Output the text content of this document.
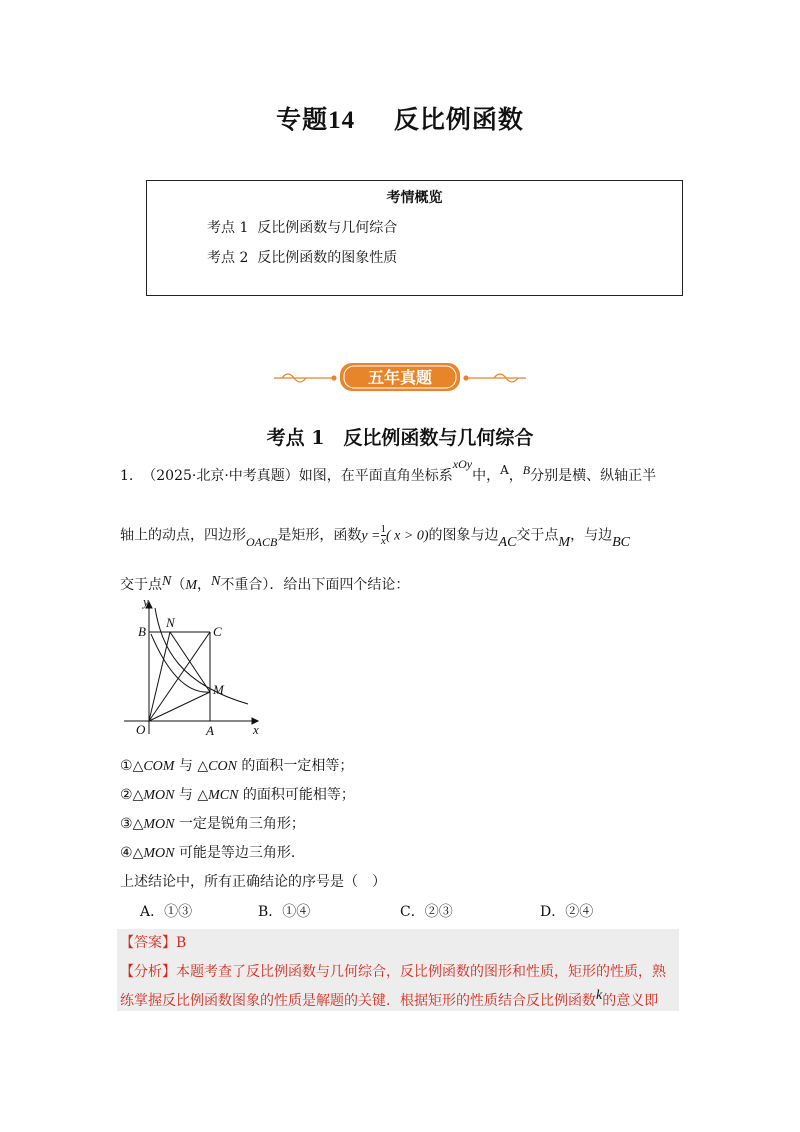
专题14 反比例函数
考情概览
考点 1 反比例函数与几何综合
考点 2 反比例函数的图象性质
五年真题
考点 1　反比例函数与几何综合
1. （2025·北京·中考真题）如图，在平面直角坐标系xOy中，A，B分别是横、纵轴正半
轴上的动点，四边形OACB是矩形，函数$y = \frac{1}{x}$ ( x > 0)的图象与边AC交于点M，与边BC
交于点N（M，N不重合）．给出下面四个结论：
y
x
O	A
B	C
M
N
①△COM 与 △CON 的面积一定相等；
②△MON 与 △MCN 的面积可能相等；
③△MON 一定是锐角三角形；
④△MON 可能是等边三角形.
上述结论中，所有正确结论的序号是（　）
A．①③	B．①④	C．②③	D．②④
【答案】B
【分析】本题考查了反比例函数与几何综合，反比例函数的图形和性质，矩形的性质，熟
练掌握反比例函数图象的性质是解题的关键．根据矩形的性质结合反比例函数k的意义即
